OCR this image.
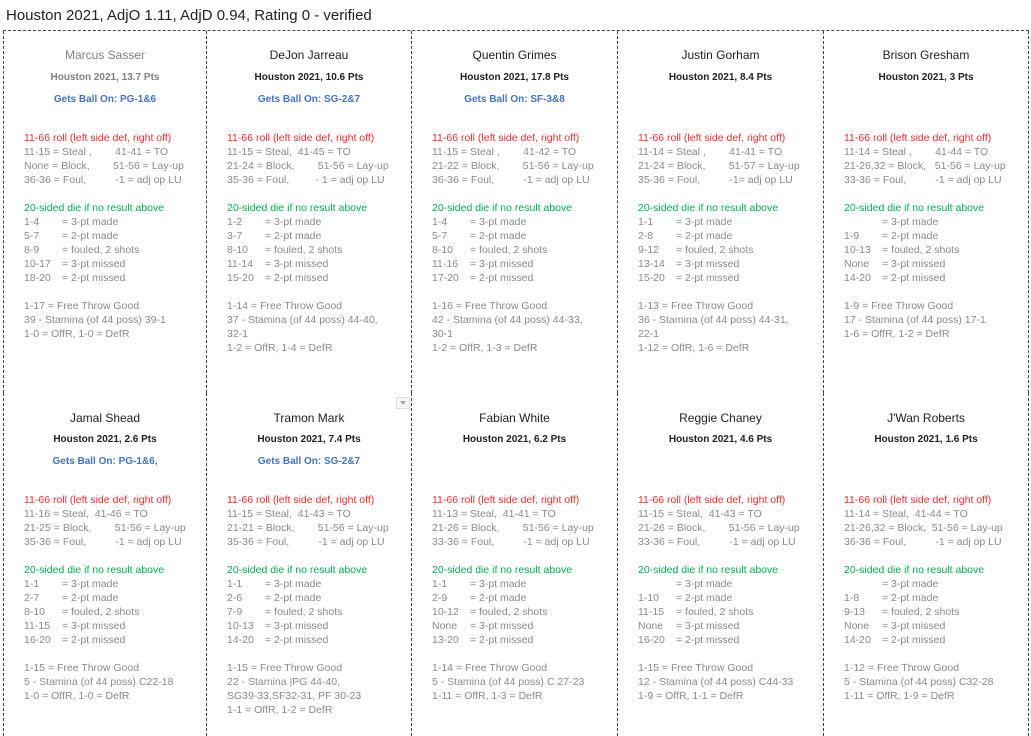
Houston 2021, AdjO 1.11, AdjD 0.94, Rating 0 - verified
Marcus Sasser
Houston 2021, 13.7 Pts
Gets Ball On: PG-1&6
11-66 roll (left side def, right off)
11-15 = Steal ,        41-41 = TO
None = Block,        51-56 = Lay-up
36-36 = Foul,          -1 = adj op LU
20-sided die if no result above
1-4 = 3-pt made
5-7 = 2-pt made
8-9 = fouled, 2 shots
10-17 = 3-pt missed
18-20 = 2-pt missed
1-17 = Free Throw Good
39 - Stamina (of 44 poss) 39-1
1-0 = OffR, 1-0 = DefR
DeJon Jarreau
Houston 2021, 10.6 Pts
Gets Ball On: SG-2&7
11-66 roll (left side def, right off)
11-15 = Steal,  41-45 = TO
21-24 = Block,        51-56 = Lay-up
35-36 = Foul,         - 1 = adj op LU
20-sided die if no result above
1-2 = 3-pt made
3-7 = 2-pt made
8-10 = fouled, 2 shots
11-14 = 3-pt missed
15-20 = 2-pt missed
1-14 = Free Throw Good
37 - Stamina (of 44 poss) 44-40,
32-1
1-2 = OffR, 1-4 = DefR
Quentin Grimes
Houston 2021, 17.8 Pts
Gets Ball On: SF-3&8
11-66 roll (left side def, right off)
11-15 = Steal ,        41-42 = TO
21-22 = Block,        51-56 = Lay-up
36-36 = Foul,          -1 = adj op LU
20-sided die if no result above
1-4 = 3-pt made
5-7 = 2-pt made
8-10 = fouled, 2 shots
11-16 = 3-pt missed
17-20 = 2-pt missed
1-16 = Free Throw Good
42 - Stamina (of 44 poss) 44-33,
30-1
1-2 = OffR, 1-3 = DefR
Justin Gorham
Houston 2021, 8.4 Pts
11-66 roll (left side def, right off)
11-14 = Steal ,        41-41 = TO
21-24 = Block,        51-57 = Lay-up
35-36 = Foul,          -1= adj op LU
20-sided die if no result above
1-1 = 3-pt made
2-8 = 2-pt made
9-12 = fouled, 2 shots
13-14 = 3-pt missed
15-20 = 2-pt missed
1-13 = Free Throw Good
36 - Stamina (of 44 poss) 44-31,
22-1
1-12 = OffR, 1-6 = DefR
Brison Gresham
Houston 2021, 3 Pts
11-66 roll (left side def, right off)
11-14 = Steal ,        41-44 = TO
21-26,32 = Block,   51-56 = Lay-up
33-36 = Foul,          -1 = adj op LU
20-sided die if no result above
= 3-pt made
1-9 = 2-pt made
10-13 = fouled, 2 shots
None = 3-pt missed
14-20 = 2-pt missed
1-9 = Free Throw Good
17 - Stamina (of 44 poss) 17-1
1-6 = OffR, 1-2 = DefR
Jamal Shead
Houston 2021, 2.6 Pts
Gets Ball On: PG-1&6,
11-66 roll (left side def, right off)
11-16 = Steal,  41-46 = TO
21-25 = Block,        51-56 = Lay-up
35-36 = Foul,          -1 = adj op LU
20-sided die if no result above
1-1 = 3-pt made
2-7 = 2-pt made
8-10 = fouled, 2 shots
11-15 = 3-pt missed
16-20 = 2-pt missed
1-15 = Free Throw Good
5 - Stamina (of 44 poss) C22-18
1-0 = OffR, 1-0 = DefR
Tramon Mark
Houston 2021, 7.4 Pts
Gets Ball On: SG-2&7
11-66 roll (left side def, right off)
11-15 = Steal,  41-43 = TO
21-21 = Block,        51-56 = Lay-up
35-36 = Foul,          -1 = adj op LU
20-sided die if no result above
1-1 = 3-pt made
2-6 = 2-pt made
7-9 = fouled, 2 shots
10-13 = 3-pt missed
14-20 = 2-pt missed
1-15 = Free Throw Good
22 - Stamina |PG 44-40,
SG39-33,SF32-31, PF 30-23
1-1 = OffR, 1-2 = DefR
Fabian White
Houston 2021, 6.2 Pts
11-66 roll (left side def, right off)
11-13 = Steal,  41-41 = TO
21-26 = Block,        51-56 = Lay-up
33-36 = Foul,          -1 = adj op LU
20-sided die if no result above
1-1 = 3-pt made
2-9 = 2-pt made
10-12 = fouled, 2 shots
None = 3-pt missed
13-20 = 2-pt missed
1-14 = Free Throw Good
5 - Stamina (of 44 poss) C 27-23
1-11 = OffR, 1-3 = DefR
Reggie Chaney
Houston 2021, 4.6 Pts
11-66 roll (left side def, right off)
11-15 = Steal,  41-43 = TO
21-26 = Block,        51-56 = Lay-up
33-36 = Foul,          -1 = adj op LU
20-sided die if no result above
= 3-pt made
1-10 = 2-pt made
11-15 = fouled, 2 shots
None = 3-pt missed
16-20 = 2-pt missed
1-15 = Free Throw Good
12 - Stamina (of 44 poss) C44-33
1-9 = OffR, 1-1 = DefR
J'Wan Roberts
Houston 2021, 1.6 Pts
11-66 roll (left side def, right off)
11-14 = Steal,  41-44 = TO
21-26,32 = Block,  51-56 = Lay-up
36-36 = Foul,          -1 = adj op LU
20-sided die if no result above
= 3-pt made
1-8 = 2-pt made
9-13 = fouled, 2 shots
None = 3-pt missed
14-20 = 2-pt missed
1-12 = Free Throw Good
5 - Stamina (of 44 poss) C32-28
1-11 = OffR, 1-9 = DefR
